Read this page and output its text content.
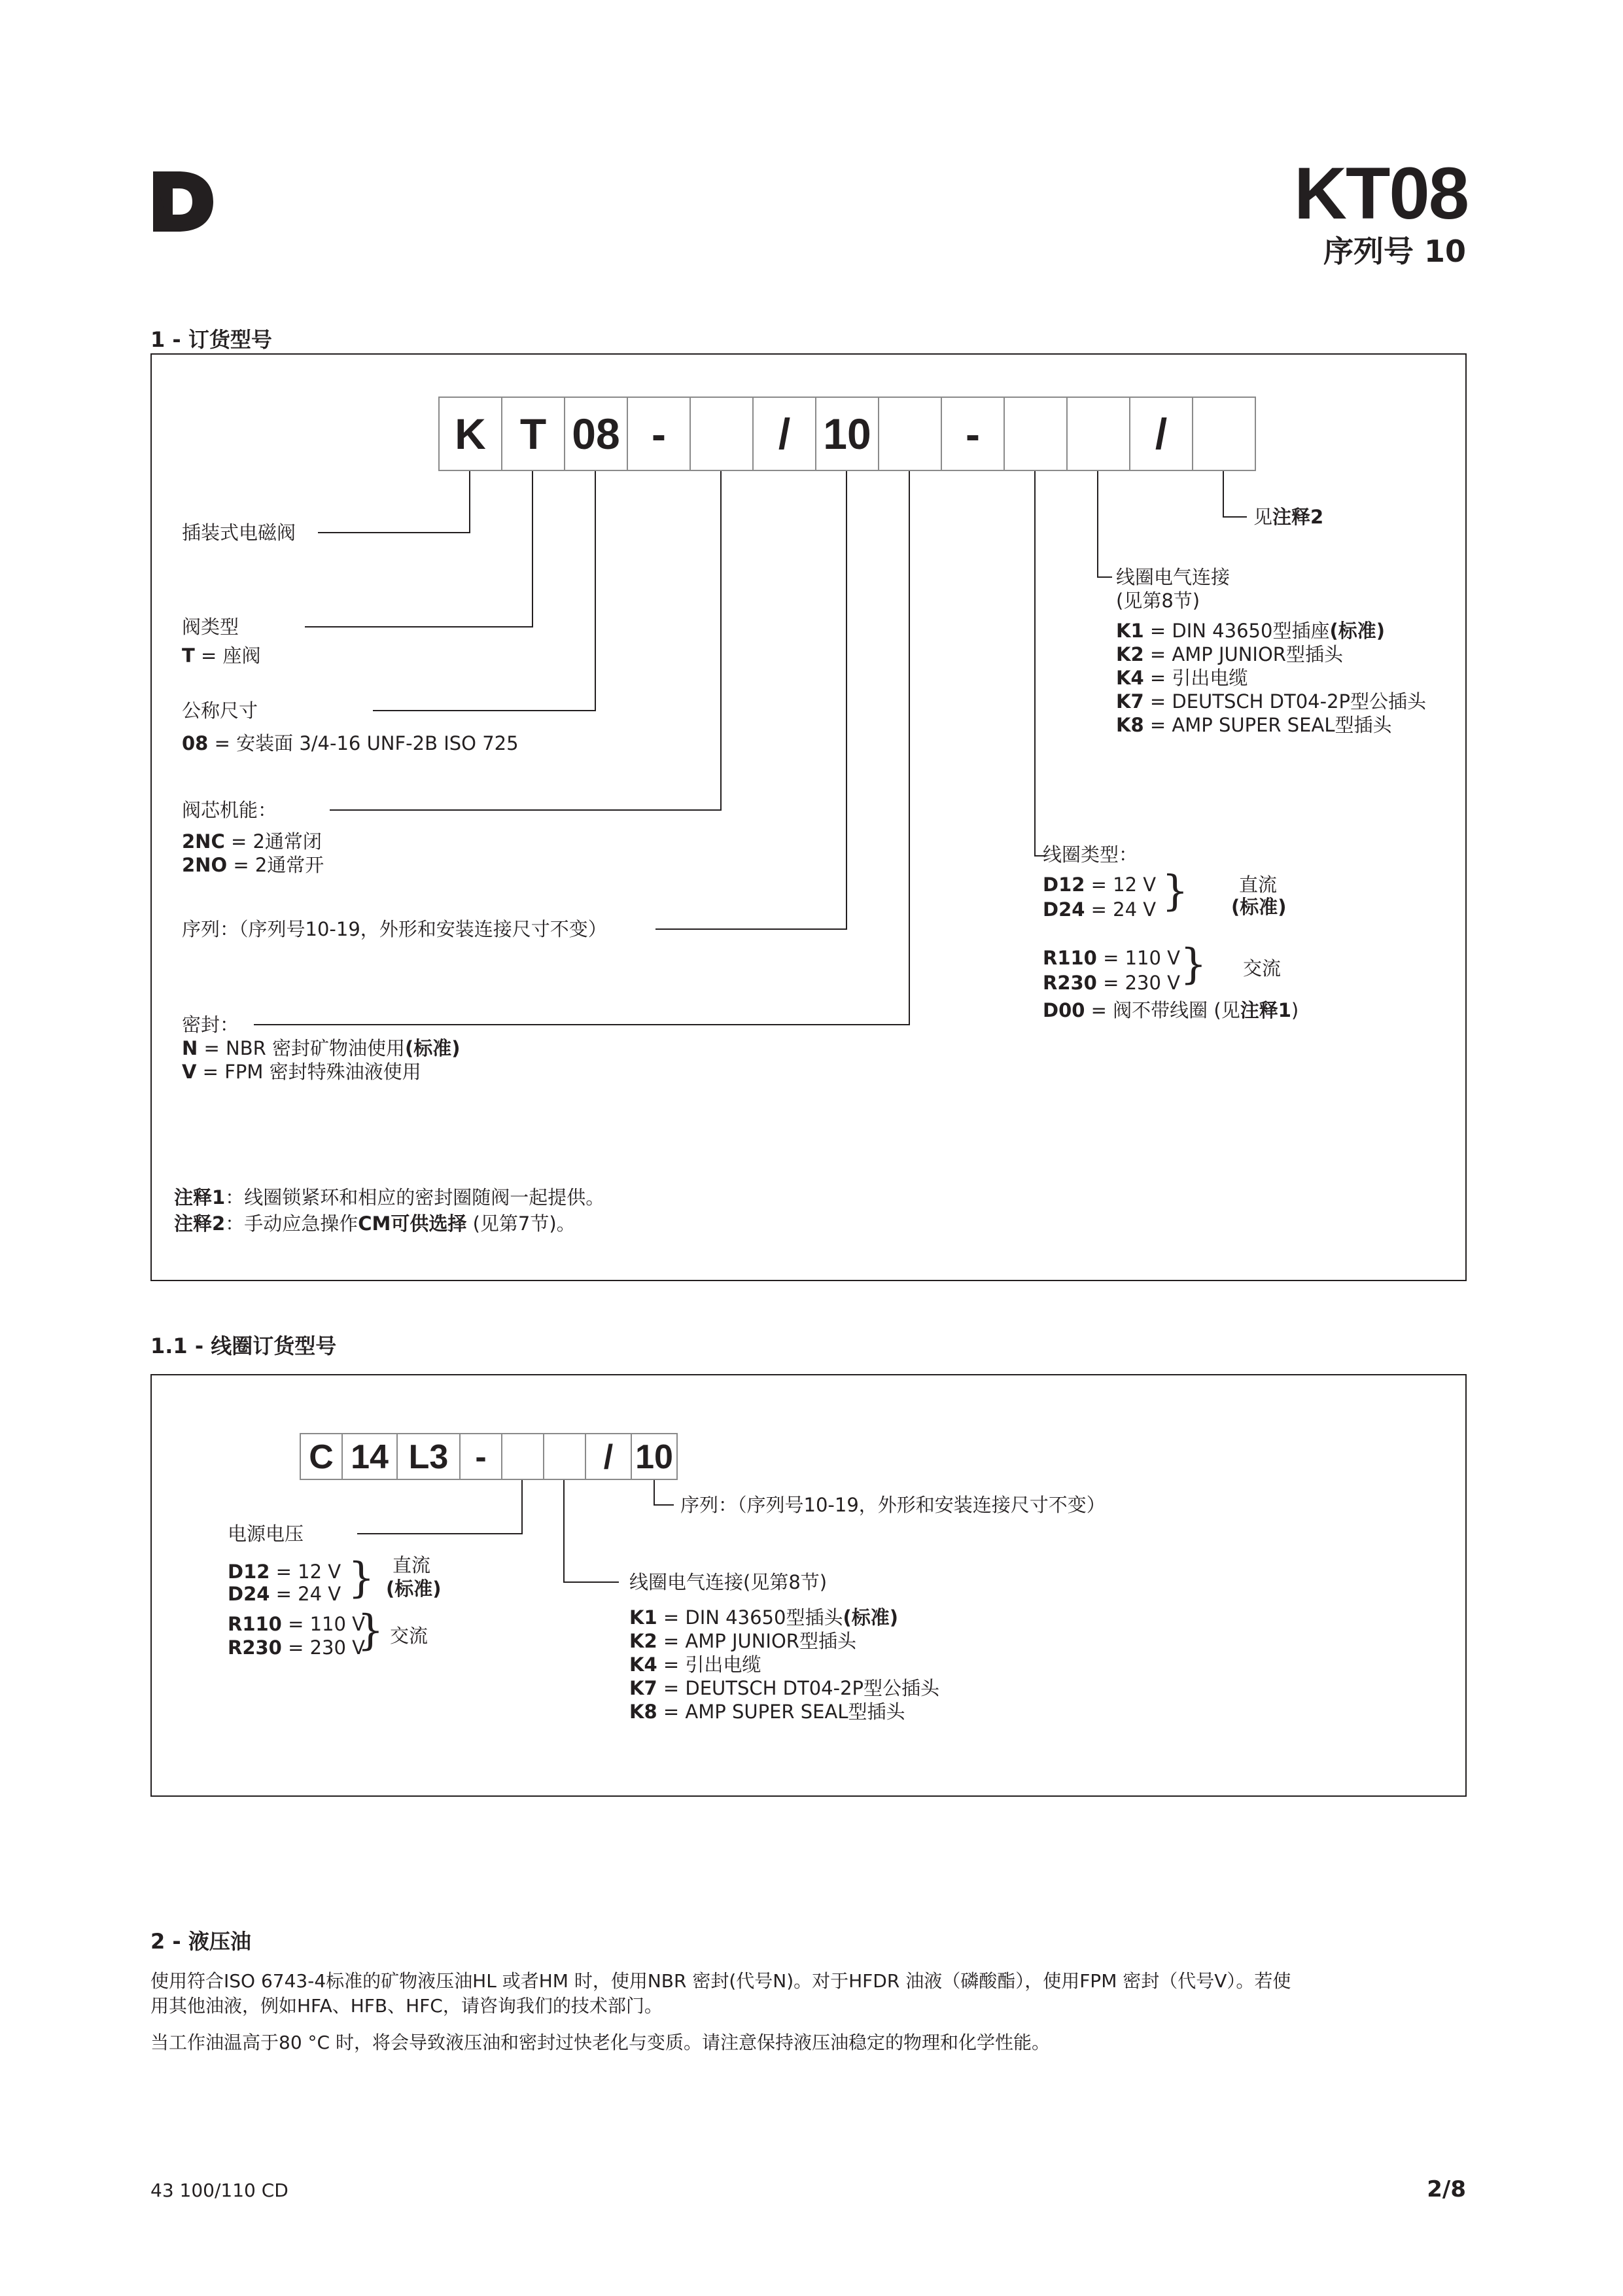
KT08
序列号 10
1 - 订货型号
K T 08 -	/ 10	-	/
插装式电磁阀
阀类型
T = 座阀
公称尺寸
08 = 安装面 3/4-16 UNF-2B ISO 725
阀芯机能：
2NC = 2通常闭
2NO = 2通常开
序列：（序列号10-19，外形和安装连接尺寸不变）
密封：
N = NBR 密封矿物油使用(标准)
V = FPM 密封特殊油液使用
注释1：线圈锁紧环和相应的密封圈随阀一起提供。
注释2：手动应急操作CM可供选择 (见第7节)。
见注释2
线圈电气连接
(见第8节)
K1 = DIN 43650型插座(标准)
K2 = AMP JUNIOR型插头
K4 = 引出电缆
K7 = DEUTSCH DT04-2P型公插头
K8 = AMP SUPER SEAL型插头
线圈类型：
D12 = 12 V
D24 = 24 V }	直流
(标准)
R110 = 110 V
R230 = 230 V } 交流
D00 = 阀不带线圈 (见注释1)
1.1 - 线圈订货型号
C 14 L3 -	/ 10
序列：（序列号10-19，外形和安装连接尺寸不变）
电源电压
D12 = 12 V
D24 = 24 V } 直流
(标准)
R110 = 110 V
R230 = 230 V
} 交流
线圈电气连接(见第8节)
K1 = DIN 43650型插头(标准)
K2 = AMP JUNIOR型插头
K4 = 引出电缆
K7 = DEUTSCH DT04-2P型公插头
K8 = AMP SUPER SEAL型插头
2 - 液压油
使用符合ISO 6743-4标准的矿物液压油HL 或者HM 时，使用NBR 密封(代号N)。对于HFDR 油液（磷酸酯），使用FPM 密封（代号V）。若使
用其他油液，例如HFA、HFB、HFC，请咨询我们的技术部门。
当工作油温高于80 °C 时，将会导致液压油和密封过快老化与变质。请注意保持液压油稳定的物理和化学性能。
43 100/110 CD	2/8
